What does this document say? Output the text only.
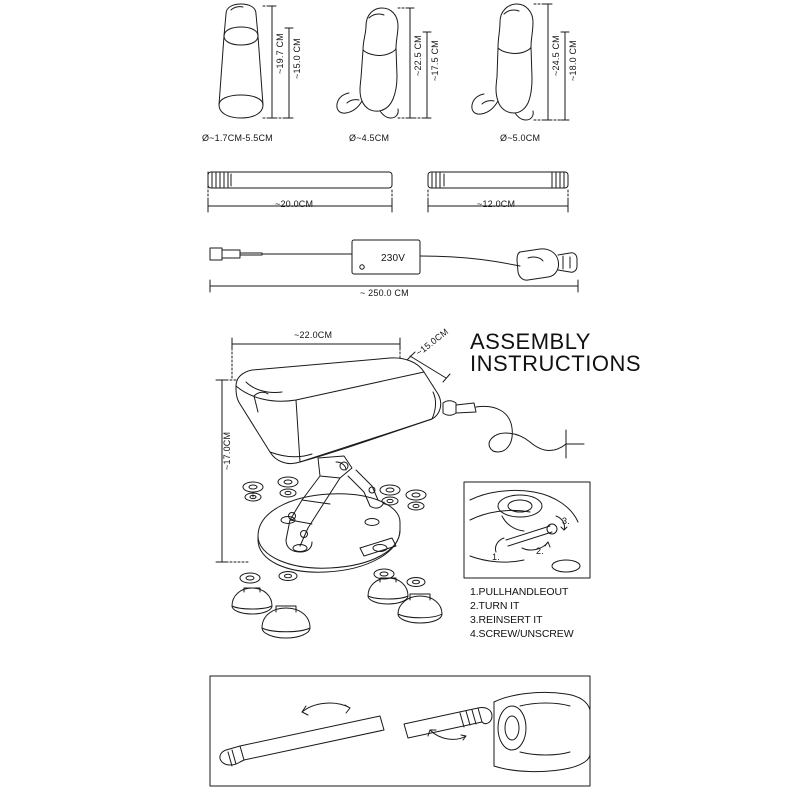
~19.7 CM ~15.0 CM
Ø~1.7CM-5.5CM
~22.5 CM ~17.5 CM
Ø~4.5CM
~24.5 CM ~18.0 CM
Ø~5.0CM
~20.0CM	~12.0CM
230V
~ 250.0 CM
~22.0CM	~15.0CM
~17.0CM
ASSEMBLY
INSTRUCTIONS
3.
2.
1.
1.PULLHANDLEOUT
2.TURN IT
3.REINSERT IT
4.SCREW/UNSCREW
